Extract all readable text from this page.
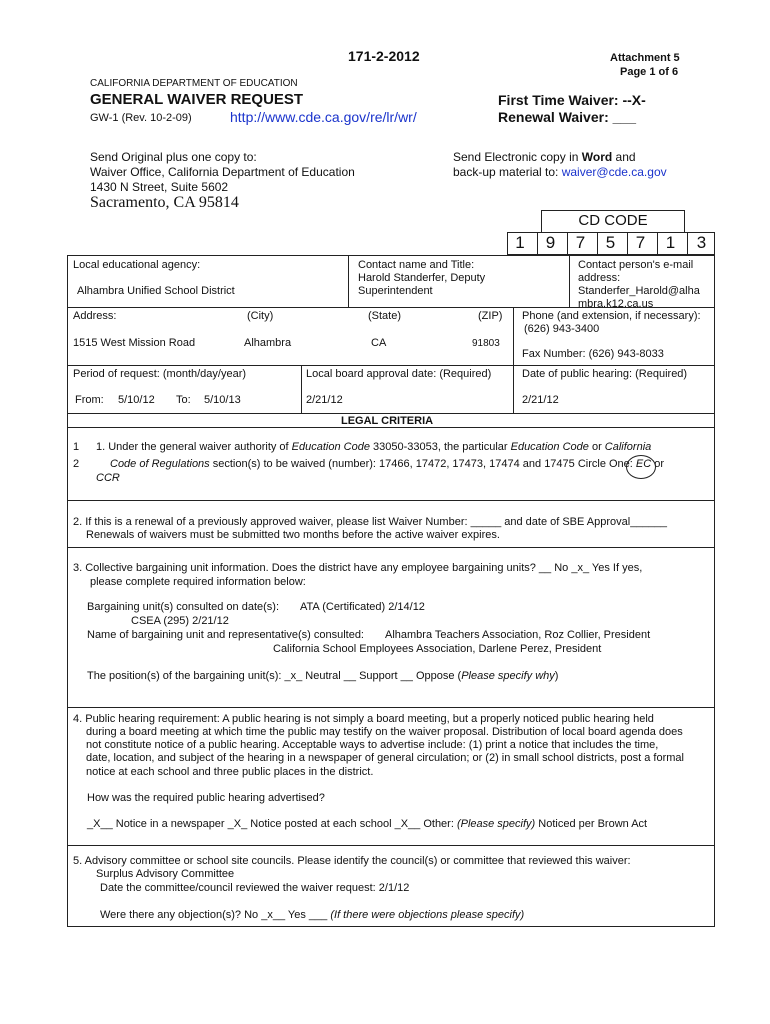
171-2-2012	Attachment 5
Page 1 of 6
CALIFORNIA DEPARTMENT OF EDUCATION
GENERAL WAIVER REQUEST
GW-1 (Rev. 10-2-09)	http://www.cde.ca.gov/re/lr/wr/
First Time Waiver: --X-
Renewal Waiver: ___
Send Original plus one copy to:
Waiver Office, California Department of Education
1430 N Street, Suite 5602
Sacramento, CA 95814
Send Electronic copy in Word and
back-up material to: waiver@cde.ca.gov
CD CODE
1	9	7	5	7	1	3
Local educational agency:
Alhambra Unified School District
Contact name and Title:
Harold Standerfer, Deputy
Superintendent
Contact person's e-mail
address:
Standerfer_Harold@alha
mbra.k12.ca.us
Address:	(City)	(State)	(ZIP)
1515 West Mission Road	Alhambra	CA	91803
Phone (and extension, if necessary):
(626) 943-3400
Fax Number: (626) 943-8033
Period of request: (month/day/year)
From: 5/10/12 To: 5/10/13
Local board approval date: (Required)
2/21/12
Date of public hearing: (Required)
2/21/12
LEGAL CRITERIA
1
2
1. Under the general waiver authority of Education Code 33050-33053, the particular Education Code or California
Code of Regulations section(s) to be waived (number): 17466, 17472, 17473, 17474 and 17475 Circle One: EC or
CCR
2. If this is a renewal of a previously approved waiver, please list Waiver Number: _____ and date of SBE Approval______
Renewals of waivers must be submitted two months before the active waiver expires.
3. Collective bargaining unit information. Does the district have any employee bargaining units? __ No _x_ Yes If yes,
please complete required information below:
Bargaining unit(s) consulted on date(s): ATA (Certificated) 2/14/12
CSEA (295) 2/21/12
Name of bargaining unit and representative(s) consulted: Alhambra Teachers Association, Roz Collier, President
California School Employees Association, Darlene Perez, President
The position(s) of the bargaining unit(s): _x_ Neutral __ Support __ Oppose (Please specify why)
4. Public hearing requirement: A public hearing is not simply a board meeting, but a properly noticed public hearing held
during a board meeting at which time the public may testify on the waiver proposal. Distribution of local board agenda does
not constitute notice of a public hearing. Acceptable ways to advertise include: (1) print a notice that includes the time,
date, location, and subject of the hearing in a newspaper of general circulation; or (2) in small school districts, post a formal
notice at each school and three public places in the district.
How was the required public hearing advertised?
_X__ Notice in a newspaper _X_ Notice posted at each school _X__ Other: (Please specify) Noticed per Brown Act
5. Advisory committee or school site councils. Please identify the council(s) or committee that reviewed this waiver:
Surplus Advisory Committee
Date the committee/council reviewed the waiver request: 2/1/12
Were there any objection(s)? No _x__ Yes ___ (If there were objections please specify)
